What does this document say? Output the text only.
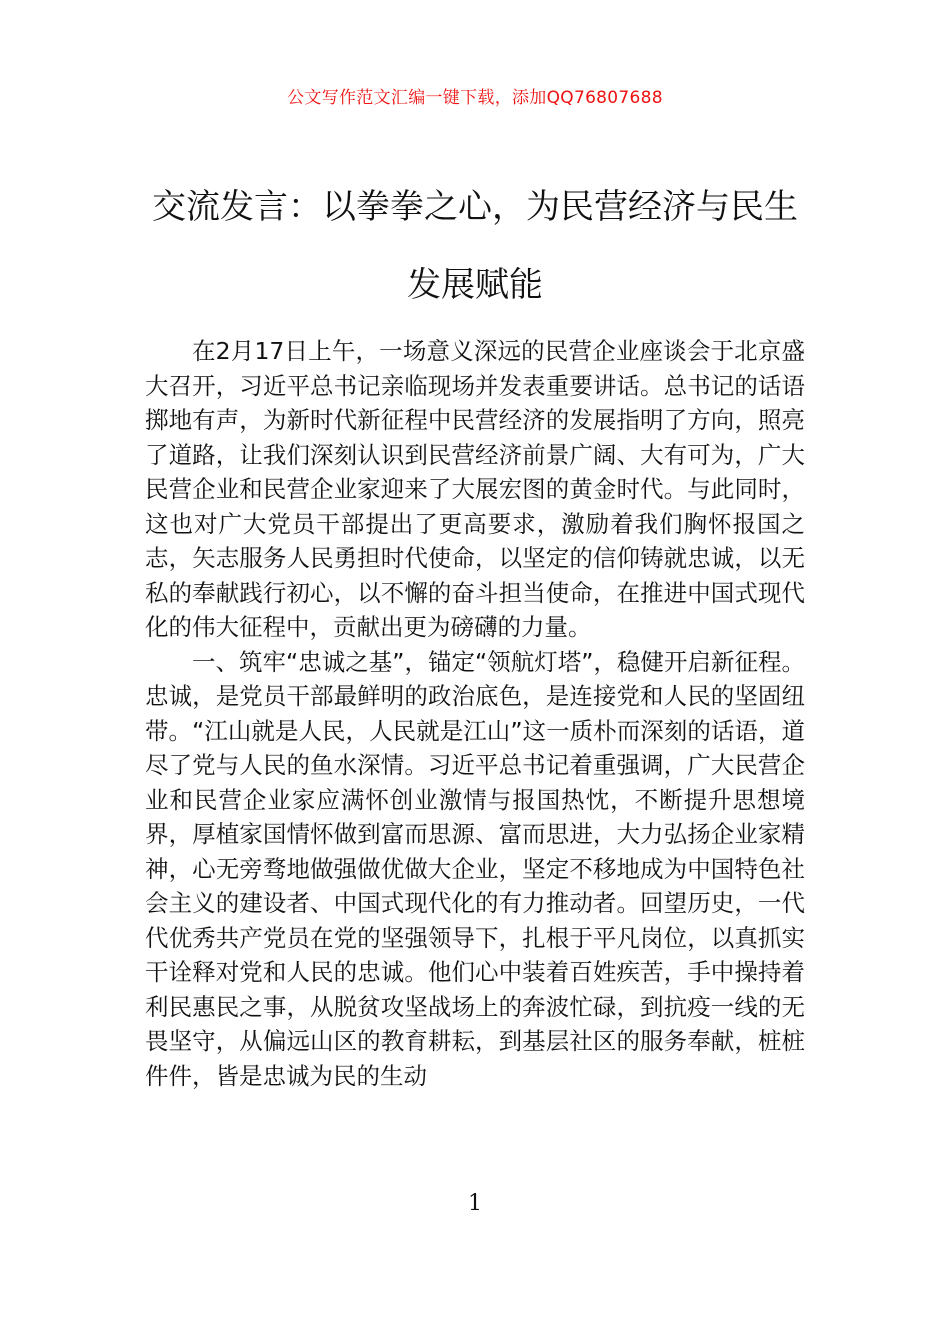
公文写作范文汇编一键下载，添加QQ76807688
交流发言：以拳拳之心，为民营经济与民生发展赋能

在2月17日上午，一场意义深远的民营企业座谈会于北京盛大召开，习近平总书记亲临现场并发表重要讲话。总书记的话语掷地有声，为新时代新征程中民营经济的发展指明了方向，照亮了道路，让我们深刻认识到民营经济前景广阔、大有可为，广大民营企业和民营企业家迎来了大展宏图的黄金时代。与此同时，这也对广大党员干部提出了更高要求，激励着我们胸怀报国之志，矢志服务人民勇担时代使命，以坚定的信仰铸就忠诚，以无私的奉献践行初心，以不懈的奋斗担当使命，在推进中国式现代化的伟大征程中，贡献出更为磅礴的力量。

一、筑牢“忠诚之基”，锚定“领航灯塔”，稳健开启新征程。忠诚，是党员干部最鲜明的政治底色，是连接党和人民的坚固纽带。“江山就是人民，人民就是江山”这一质朴而深刻的话语，道尽了党与人民的鱼水深情。习近平总书记着重强调，广大民营企业和民营企业家应满怀创业激情与报国热忱，不断提升思想境界，厚植家国情怀做到富而思源、富而思进，大力弘扬企业家精神，心无旁骛地做强做优做大企业，坚定不移地成为中国特色社会主义的建设者、中国式现代化的有力推动者。回望历史，一代代优秀共产党员在党的坚强领导下，扎根于平凡岗位，以真抓实干诠释对党和人民的忠诚。他们心中装着百姓疾苦，手中操持着利民惠民之事，从脱贫攻坚战场上的奔波忙碌，到抗疫一线的无畏坚守，从偏远山区的教育耕耘，到基层社区的服务奉献，桩桩件件，皆是忠诚为民的生动

1
